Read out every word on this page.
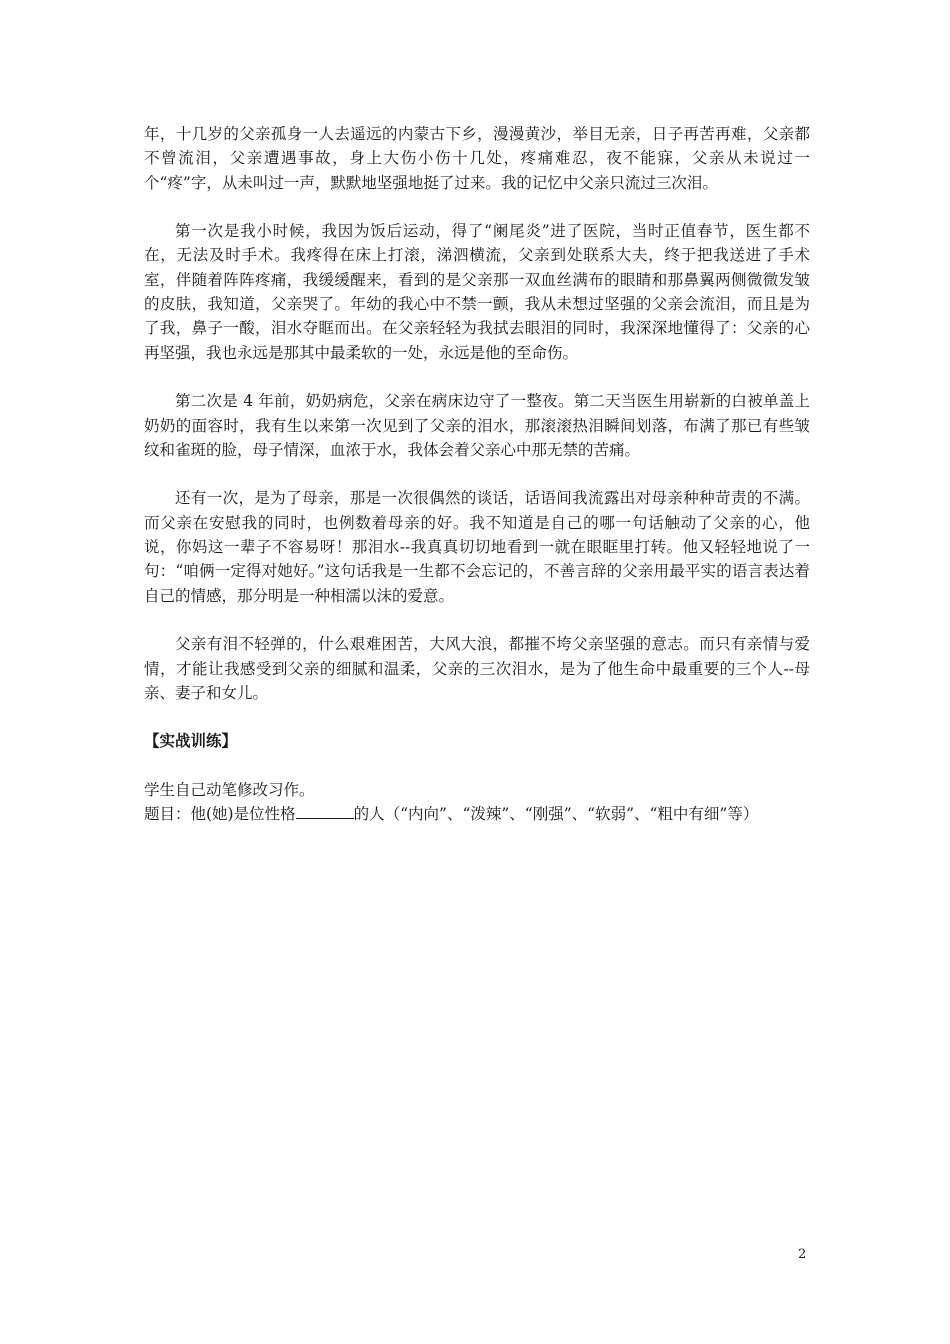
年，十几岁的父亲孤身一人去遥远的内蒙古下乡，漫漫黄沙，举目无亲，日子再苦再难，父亲都不曾流泪，父亲遭遇事故，身上大伤小伤十几处，疼痛难忍，夜不能寐，父亲从未说过一个“疼”字，从未叫过一声，默默地坚强地挺了过来。我的记忆中父亲只流过三次泪。

第一次是我小时候，我因为饭后运动，得了“阑尾炎”进了医院，当时正值春节，医生都不在，无法及时手术。我疼得在床上打滚，涕泗横流，父亲到处联系大夫，终于把我送进了手术室，伴随着阵阵疼痛，我缓缓醒来，看到的是父亲那一双血丝满布的眼睛和那鼻翼两侧微微发皱的皮肤，我知道，父亲哭了。年幼的我心中不禁一颤，我从未想过坚强的父亲会流泪，而且是为了我，鼻子一酸，泪水夺眶而出。在父亲轻轻为我拭去眼泪的同时，我深深地懂得了：父亲的心再坚强，我也永远是那其中最柔软的一处，永远是他的至命伤。

第二次是 4 年前，奶奶病危，父亲在病床边守了一整夜。第二天当医生用崭新的白被单盖上奶奶的面容时，我有生以来第一次见到了父亲的泪水，那滚滚热泪瞬间划落，布满了那已有些皱纹和雀斑的脸，母子情深，血浓于水，我体会着父亲心中那无禁的苦痛。

还有一次，是为了母亲，那是一次很偶然的谈话，话语间我流露出对母亲种种苛责的不满。而父亲在安慰我的同时，也例数着母亲的好。我不知道是自己的哪一句话触动了父亲的心，他说，你妈这一辈子不容易呀！那泪水--我真真切切地看到一就在眼眶里打转。他又轻轻地说了一句：“咱俩一定得对她好。”这句话我是一生都不会忘记的，不善言辞的父亲用最平实的语言表达着自己的情感，那分明是一种相濡以沫的爱意。

父亲有泪不轻弹的，什么艰难困苦，大风大浪，都摧不垮父亲坚强的意志。而只有亲情与爱情，才能让我感受到父亲的细腻和温柔，父亲的三次泪水，是为了他生命中最重要的三个人--母亲、妻子和女儿。

【实战训练】

学生自己动笔修改习作。

题目：他(她)是位性格	的人（“内向”、“泼辣”、“刚强”、“软弱”、“粗中有细”等）

2
